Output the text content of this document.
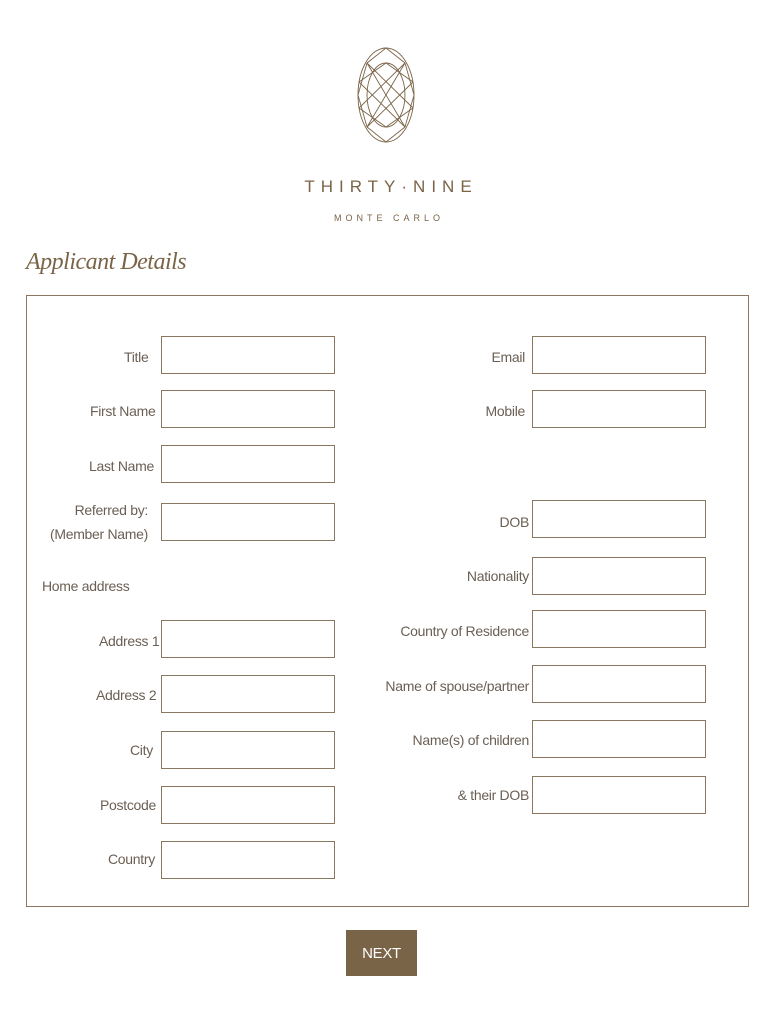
THIRTY·NINE
MONTE CARLO
Applicant Details
Title
First Name
Last Name
Referred by:
(Member Name)
Home address
Address 1
Address 2
City
Postcode
Country
Email
Mobile
DOB
Nationality
Country of Residence
Name of spouse/partner
Name(s) of children
& their DOB
NEXT
